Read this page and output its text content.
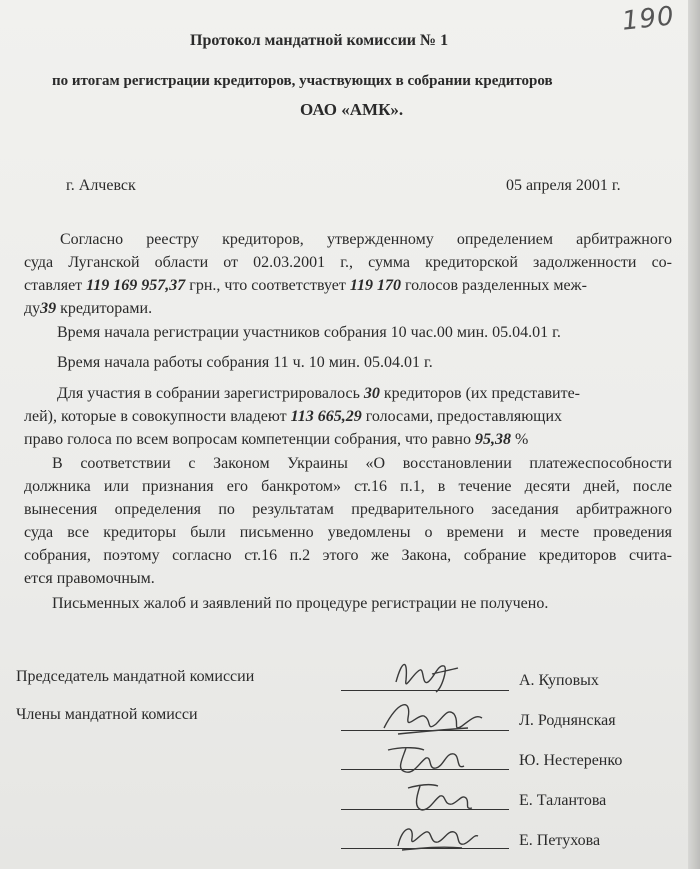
190
Протокол мандатной комиссии № 1
по итогам регистрации кредиторов, участвующих в собрании кредиторов
ОАО «АМК».
г. Алчевск	05 апреля 2001 г.
Согласно реестру кредиторов, утвержденному определением арбитражного
суда Луганской области от 02.03.2001 г., сумма кредиторской задолженности со-
ставляет 119 169 957,37 грн., что соответствует 119 170 голосов разделенных меж-
ду39 кредиторами.
Время начала регистрации участников собрания 10 час.00 мин. 05.04.01 г.
Время начала работы собрания 11 ч. 10 мин. 05.04.01 г.
Для участия в собрании зарегистрировалось 30 кредиторов (их представите-
лей), которые в совокупности владеют 113 665,29 голосами, предоставляющих
право голоса по всем вопросам компетенции собрания, что равно 95,38 %
В соответствии с Законом Украины «О восстановлении платежеспособности
должника или признания его банкротом» ст.16 п.1, в течение десяти дней, после
вынесения определения по результатам предварительного заседания арбитражного
суда все кредиторы были письменно уведомлены о времени и месте проведения
собрания, поэтому согласно ст.16 п.2 этого же Закона, собрание кредиторов счита-
ется правомочным.
Письменных жалоб и заявлений по процедуре регистрации не получено.
Председатель мандатной комиссии
Члены мандатной комисси
А. Куповых
Л. Роднянская
Ю. Нестеренко
Е. Талантова
Е. Петухова
